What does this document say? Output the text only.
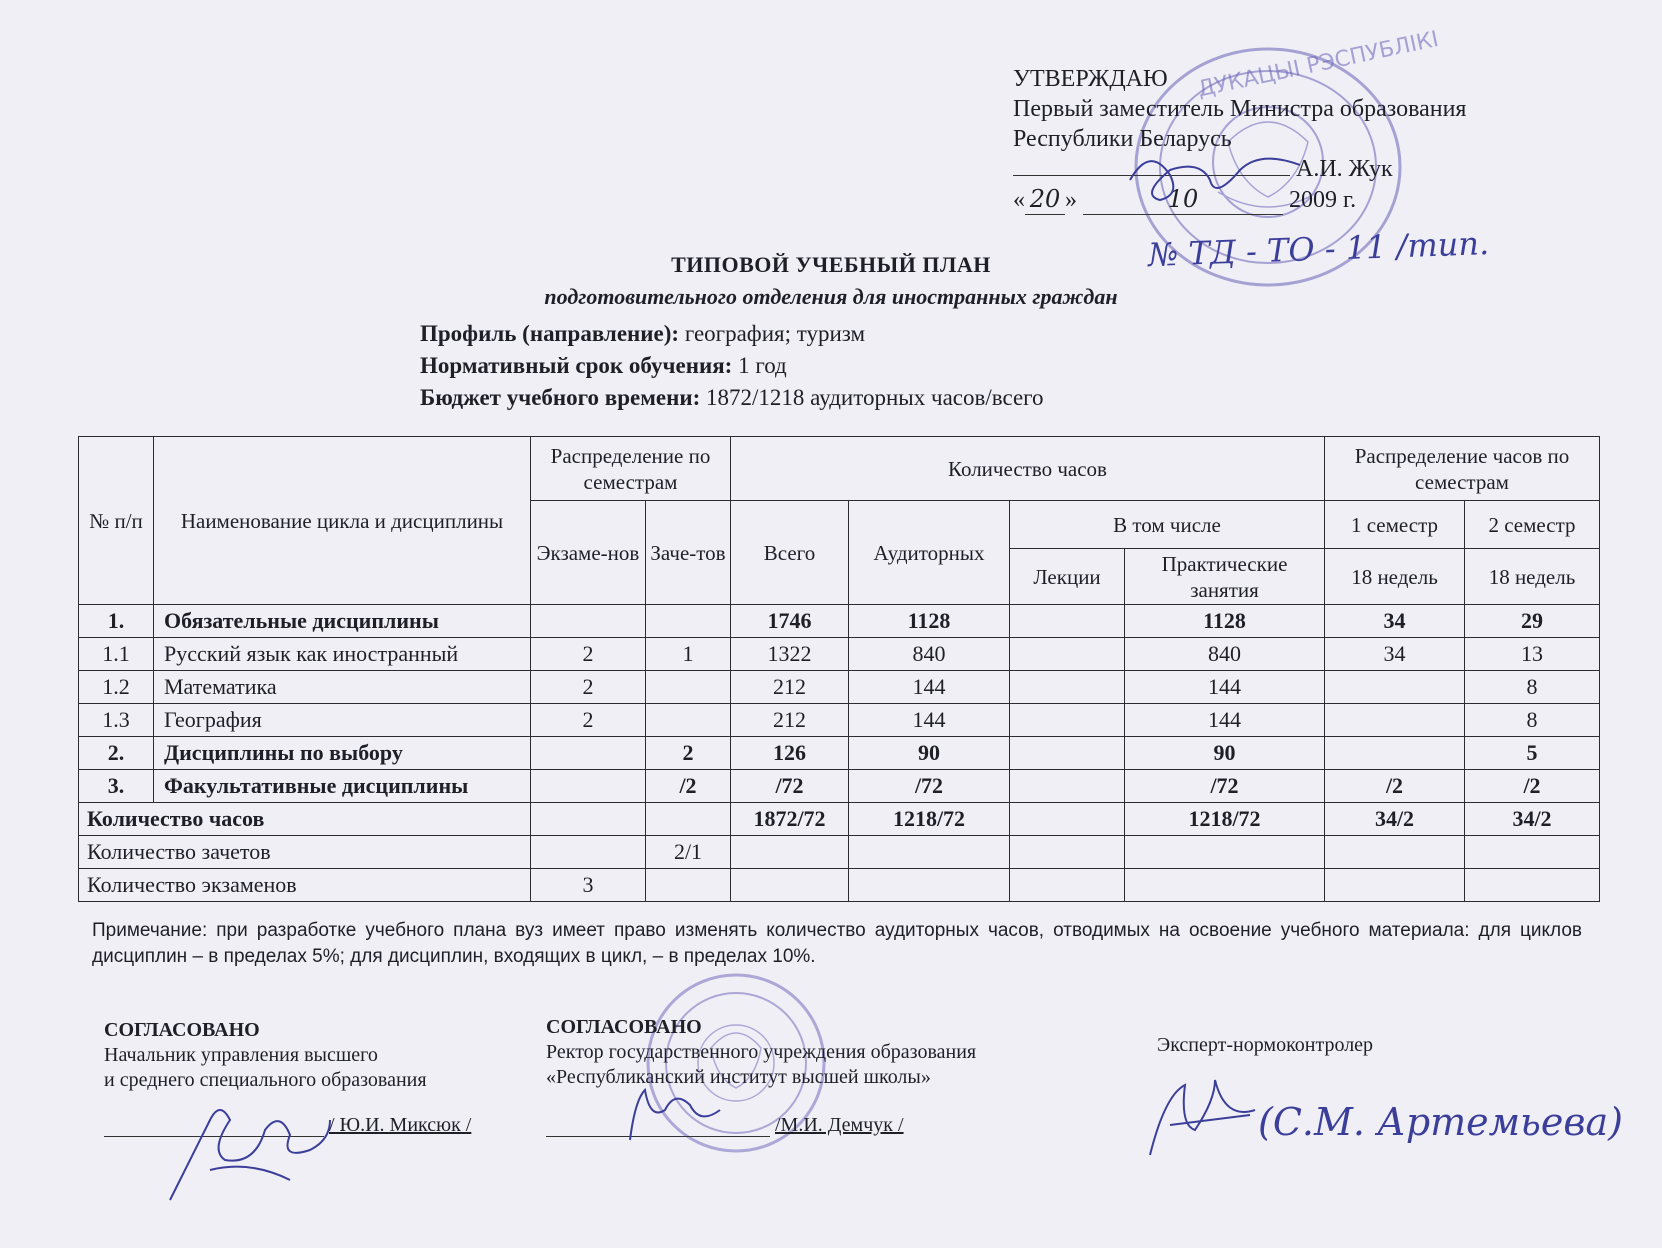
ДУКАЦЫІ РЭСПУБЛІКІ
УТВЕРЖДАЮ
Первый заместитель Министра образования
Республики Беларусь
А.И. Жук
« 20 »	10	2009 г.
№ ТД - ТО - 11 /тип.
ТИПОВОЙ УЧЕБНЫЙ ПЛАН
подготовительного отделения для иностранных граждан
Профиль (направление): география; туризм
Нормативный срок обучения: 1 год
Бюджет учебного времени: 1872/1218 аудиторных часов/всего
№ п/п	Наименование цикла и дисциплины	Распределение по семестрам		Количество часов				Распределение часов по семестрам	
		Экзаме-нов	Заче-тов	Всего	Аудиторных	В том числе		1 семестр	2 семестр
						Лекции	Практические занятия	18 недель	18 недель
1.	Обязательные дисциплины			1746	1128		1128	34	29
1.1	Русский язык как иностранный	2	1	1322	840		840	34	13
1.2	Математика	2		212	144		144		8
1.3	География	2		212	144		144		8
2.	Дисциплины по выбору		2	126	90		90		5
3.	Факультативные дисциплины		/2	/72	/72		/72	/2	/2
Количество часов				1872/72	1218/72		1218/72	34/2	34/2
Количество зачетов			2/1						
Количество экзаменов		3							
Примечание: при разработке учебного плана вуз имеет право изменять количество аудиторных часов, отводимых на освоение учебного материала: для циклов дисциплин – в пределах 5%; для дисциплин, входящих в цикл, – в пределах 10%.
СОГЛАСОВАНО
Начальник управления высшего
и среднего специального образования
/ Ю.И. Миксюк /
СОГЛАСОВАНО
Ректор государственного учреждения образования
«Республиканский институт высшей школы»
/М.И. Демчук /
Эксперт-нормоконтролер
(С.М. Артемьева)
